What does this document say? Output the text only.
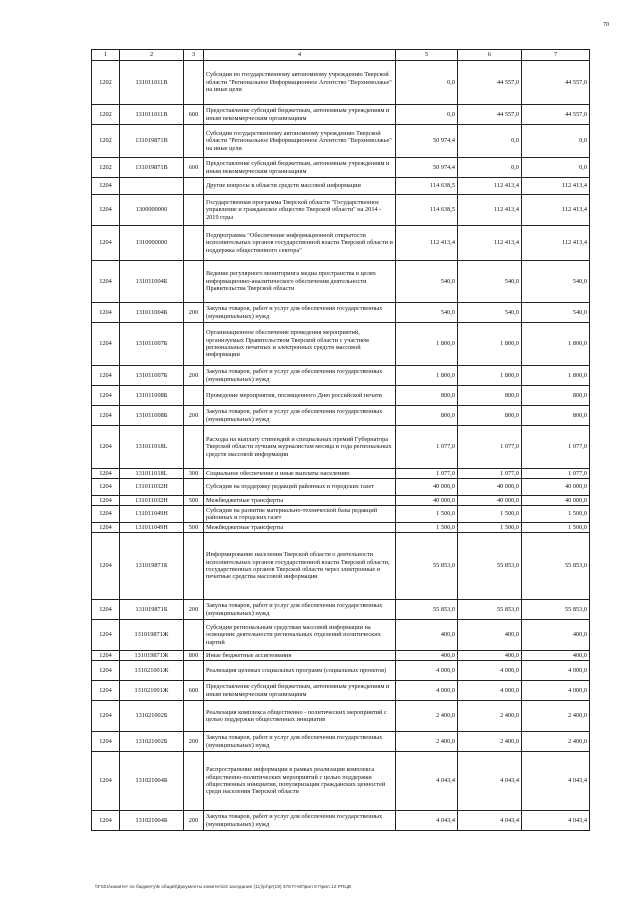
70
1	2	3	4	5	6	7
1202	131011011В		Субсидия по государственному автономному учреждению Тверской области "Региональное Информационное Агентство "Верхневолжье" на иные цели	0,0	44 557,0	44 557,0
1202	131011011В	600	Предоставление субсидий бюджетным, автономным учреждениям и иным некоммерческим организациям	0,0	44 557,0	44 557,0
1202	131019871В		Субсидия государственному автономному учреждению Тверской области "Региональное Информационное Агентство "Верхневолжье" на иные цели	50 974,4	0,0	0,0
1202	131019871В	600	Предоставление субсидий бюджетным, автономным учреждениям и иным некоммерческим организациям	50 974,4	0,0	0,0
1204			Другие вопросы в области средств массовой информации	114 638,5	112 413,4	112 413,4
1204	1300000000		Государственная программа Тверской области "Государственное управление и гражданское общество Тверской области" на 2014 - 2019 годы	114 638,5	112 413,4	112 413,4
1204	1310000000		Подпрограмма "Обеспечение информационной открытости исполнительных органов государственной власти Тверской области и поддержка общественного сектора"	112 413,4	112 413,4	112 413,4
1204	131011004Б		Ведение регулярного мониторинга медиа пространства в целях информационно-аналитического обеспечения деятельности Правительства Тверской области	540,0	540,0	540,0
1204	131011004Б	200	Закупка товаров, работ и услуг для обеспечения государственных (муниципальных) нужд	540,0	540,0	540,0
1204	131011007Б		Организационное обеспечение проведения мероприятий, организуемых Правительством Тверской области с участием региональных печатных и электронных средств массовой информации	1 800,0	1 800,0	1 800,0
1204	131011007Б	200	Закупка товаров, работ и услуг для обеспечения государственных (муниципальных) нужд	1 800,0	1 800,0	1 800,0
1204	131011008Б		Проведение мероприятия, посвященного Дню российской печати	800,0	800,0	800,0
1204	131011008Б	200	Закупка товаров, работ и услуг для обеспечения государственных (муниципальных) нужд	800,0	800,0	800,0
1204	131011018L		Расходы на выплату стипендий и специальных премий Губернатора Тверской области лучшим журналистам месяца и года региональных средств массовой информации	1 077,0	1 077,0	1 077,0
1204	131011018L	300	Социальное обеспечение и иные выплаты населению	1 077,0	1 077,0	1 077,0
1204	131011032Н		Субсидия на поддержку редакций районных и городских газет	40 000,0	40 000,0	40 000,0
1204	131011032Н	500	Межбюджетные трансферты	40 000,0	40 000,0	40 000,0
1204	131011049Н		Субсидия на развитие материально-технической базы редакций районных и городских газет	1 500,0	1 500,0	1 500,0
1204	131011049Н	500	Межбюджетные трансферты	1 500,0	1 500,0	1 500,0
1204	131019871Б		Информирование населения Тверской области о деятельности исполнительных органов государственной власти Тверской области, государственных органов Тверской области через электронные и печатные средства массовой информации	55 853,0	55 853,0	55 853,0
1204	131019871Б	200	Закупка товаров, работ и услуг для обеспечения государственных (муниципальных) нужд	55 853,0	55 853,0	55 853,0
1204	131019871Ж		Субсидия региональным средствам массовой информации на освещение деятельности региональных отделений политических партий	400,0	400,0	400,0
1204	131019871Ж	800	Иные бюджетные ассигнования	400,0	400,0	400,0
1204	131021001Ж		Реализация целевых социальных программ (социальных проектов)	4 000,0	4 000,0	4 000,0
1204	131021001Ж	600	Предоставление субсидий бюджетным, автономным учреждениям и иным некоммерческим организациям	4 000,0	4 000,0	4 000,0
1204	131021002Б		Реализация комплекса общественно - политических мероприятий с целью поддержки общественных инициатив	2 400,0	2 400,0	2 400,0
1204	131021002Б	200	Закупка товаров, работ и услуг для обеспечения государственных (муниципальных) нужд	2 400,0	2 400,0	2 400,0
1204	131021004Б		Распространение информации в рамках реализации комплекса общественно-политических мероприятий с целью поддержки общественных инициатив, популяризации гражданских ценностей среди населения Тверской области	4 043,4	4 043,4	4 043,4
1204	131021004Б	200	Закупка товаров, работ и услуг для обеспечения государственных (муниципальных) нужд	4 043,4	4 043,4	4 043,4
\\FS01\комитет по бюджету\Б общий\Документы комитета\3 заседание (11)\pr\pr(19) 378 П-6\Прил 8 Прил 12 РПЦВ
